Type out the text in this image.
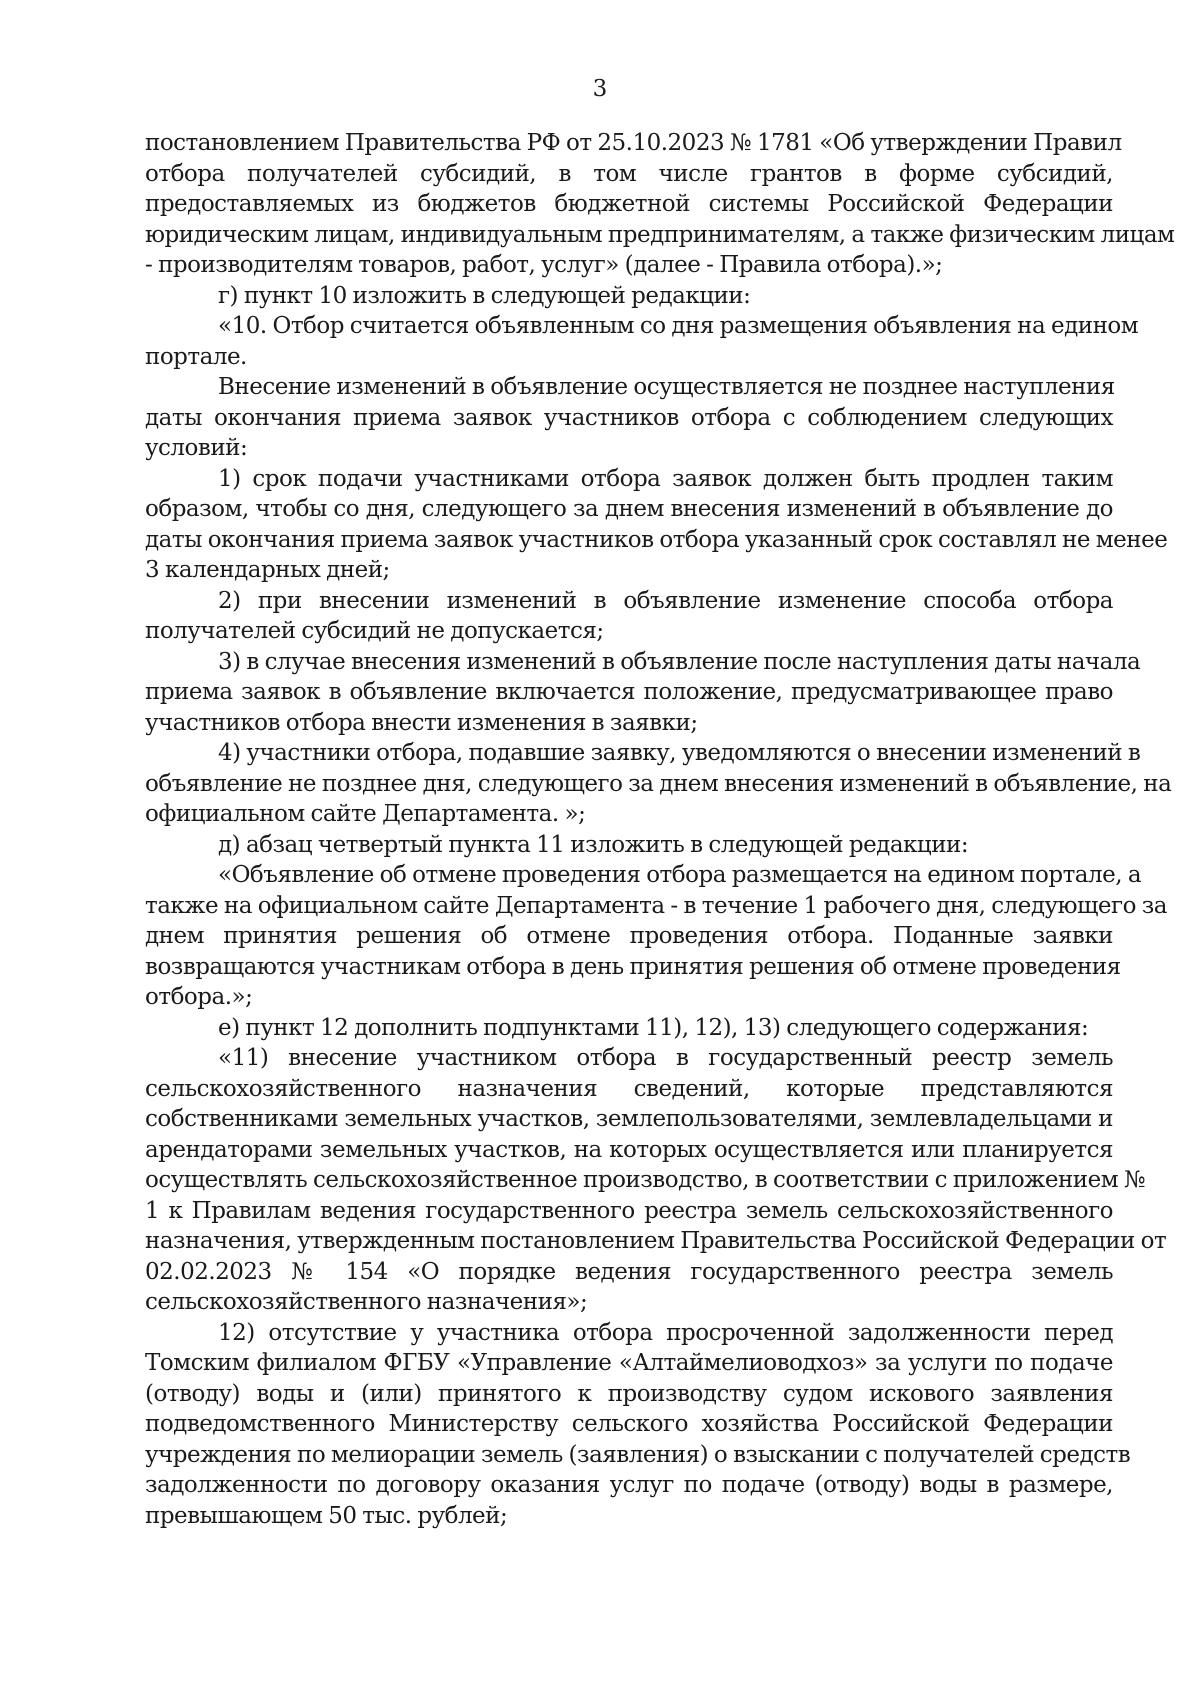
3
постановлением Правительства РФ от 25.10.2023 № 1781 «Об утверждении Правил
отбора получателей субсидий, в том числе грантов в форме субсидий,
предоставляемых из бюджетов бюджетной системы Российской Федерации
юридическим лицам, индивидуальным предпринимателям, а также физическим лицам
- производителям товаров, работ, услуг» (далее - Правила отбора).»;
г) пункт 10 изложить в следующей редакции:
«10. Отбор считается объявленным со дня размещения объявления на едином
портале.
Внесение изменений в объявление осуществляется не позднее наступления
даты окончания приема заявок участников отбора с соблюдением следующих
условий:
1) срок подачи участниками отбора заявок должен быть продлен таким
образом, чтобы со дня, следующего за днем внесения изменений в объявление до
даты окончания приема заявок участников отбора указанный срок составлял не менее
3 календарных дней;
2) при внесении изменений в объявление изменение способа отбора
получателей субсидий не допускается;
3) в случае внесения изменений в объявление после наступления даты начала
приема заявок в объявление включается положение, предусматривающее право
участников отбора внести изменения в заявки;
4) участники отбора, подавшие заявку, уведомляются о внесении изменений в
объявление не позднее дня, следующего за днем внесения изменений в объявление, на
официальном сайте Департамента. »;
д) абзац четвертый пункта 11 изложить в следующей редакции:
«Объявление об отмене проведения отбора размещается на едином портале, а
также на официальном сайте Департамента - в течение 1 рабочего дня, следующего за
днем принятия решения об отмене проведения отбора. Поданные заявки
возвращаются участникам отбора в день принятия решения об отмене проведения
отбора.»;
е) пункт 12 дополнить подпунктами 11), 12), 13) следующего содержания:
«11) внесение участником отбора в государственный реестр земель
сельскохозяйственного назначения сведений, которые представляются
собственниками земельных участков, землепользователями, землевладельцами и
арендаторами земельных участков, на которых осуществляется или планируется
осуществлять сельскохозяйственное производство, в соответствии с приложением №
1 к Правилам ведения государственного реестра земель сельскохозяйственного
назначения, утвержденным постановлением Правительства Российской Федерации от
02.02.2023 № 154 «О порядке ведения государственного реестра земель
сельскохозяйственного назначения»;
12) отсутствие у участника отбора просроченной задолженности перед
Томским филиалом ФГБУ «Управление «Алтаймелиоводхоз» за услуги по подаче
(отводу) воды и (или) принятого к производству судом искового заявления
подведомственного Министерству сельского хозяйства Российской Федерации
учреждения по мелиорации земель (заявления) о взыскании с получателей средств
задолженности по договору оказания услуг по подаче (отводу) воды в размере,
превышающем 50 тыс. рублей;
